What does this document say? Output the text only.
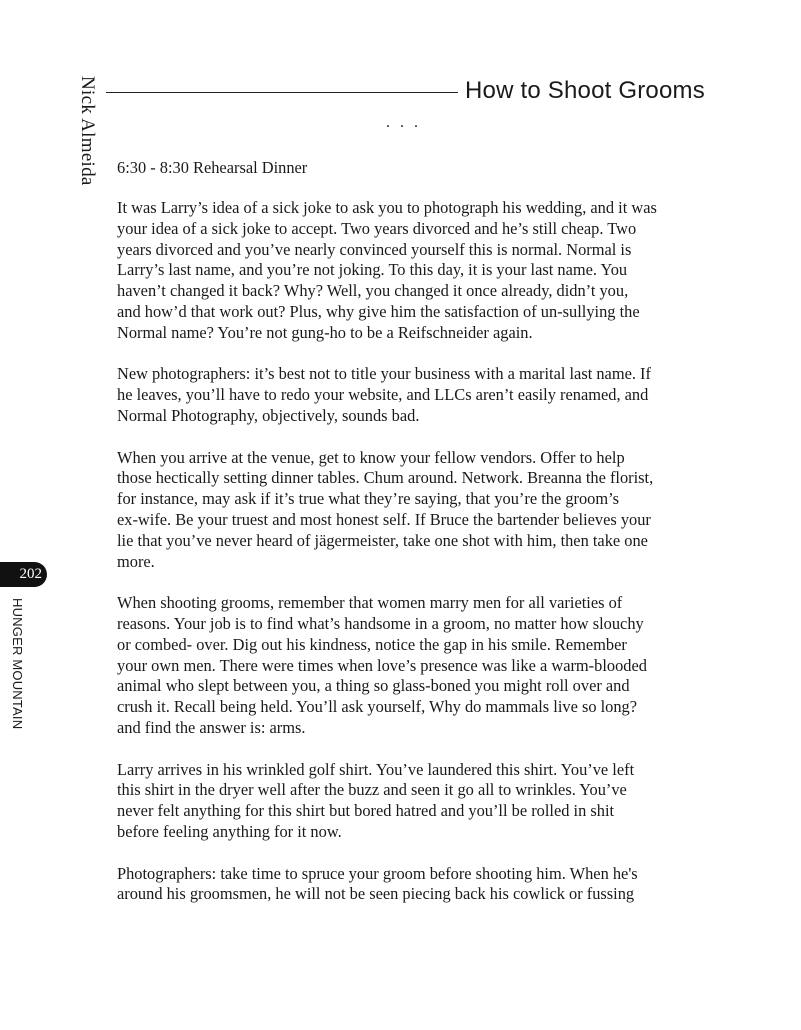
How to Shoot Grooms
Nick Almeida	. . .
6:30 - 8:30 Rehearsal Dinner

It was Larry’s idea of a sick joke to ask you to photograph his wedding, and it was
your idea of a sick joke to accept. Two years divorced and he’s still cheap. Two
years divorced and you’ve nearly convinced yourself this is normal. Normal is
Larry’s last name, and you’re not joking. To this day, it is your last name. You
haven’t changed it back? Why? Well, you changed it once already, didn’t you,
and how’d that work out? Plus, why give him the satisfaction of un-sullying the
Normal name? You’re not gung-ho to be a Reifschneider again.

New photographers: it’s best not to title your business with a marital last name. If
he leaves, you’ll have to redo your website, and LLCs aren’t easily renamed, and
Normal Photography, objectively, sounds bad.

When you arrive at the venue, get to know your fellow vendors. Offer to help
those hectically setting dinner tables. Chum around. Network. Breanna the florist,
for instance, may ask if it’s true what they’re saying, that you’re the groom’s
ex-wife. Be your truest and most honest self. If Bruce the bartender believes your
lie that you’ve never heard of jägermeister, take one shot with him, then take one
more.

When shooting grooms, remember that women marry men for all varieties of
reasons. Your job is to find what’s handsome in a groom, no matter how slouchy
or combed- over. Dig out his kindness, notice the gap in his smile. Remember
your own men. There were times when love’s presence was like a warm-blooded
animal who slept between you, a thing so glass-boned you might roll over and
crush it. Recall being held. You’ll ask yourself, Why do mammals live so long?
and find the answer is: arms.

Larry arrives in his wrinkled golf shirt. You’ve laundered this shirt. You’ve left
this shirt in the dryer well after the buzz and seen it go all to wrinkles. You’ve
never felt anything for this shirt but bored hatred and you’ll be rolled in shit
before feeling anything for it now.

Photographers: take time to spruce your groom before shooting him. When he's
around his groomsmen, he will not be seen piecing back his cowlick or fussing

202
HUNGER MOUNTAIN
